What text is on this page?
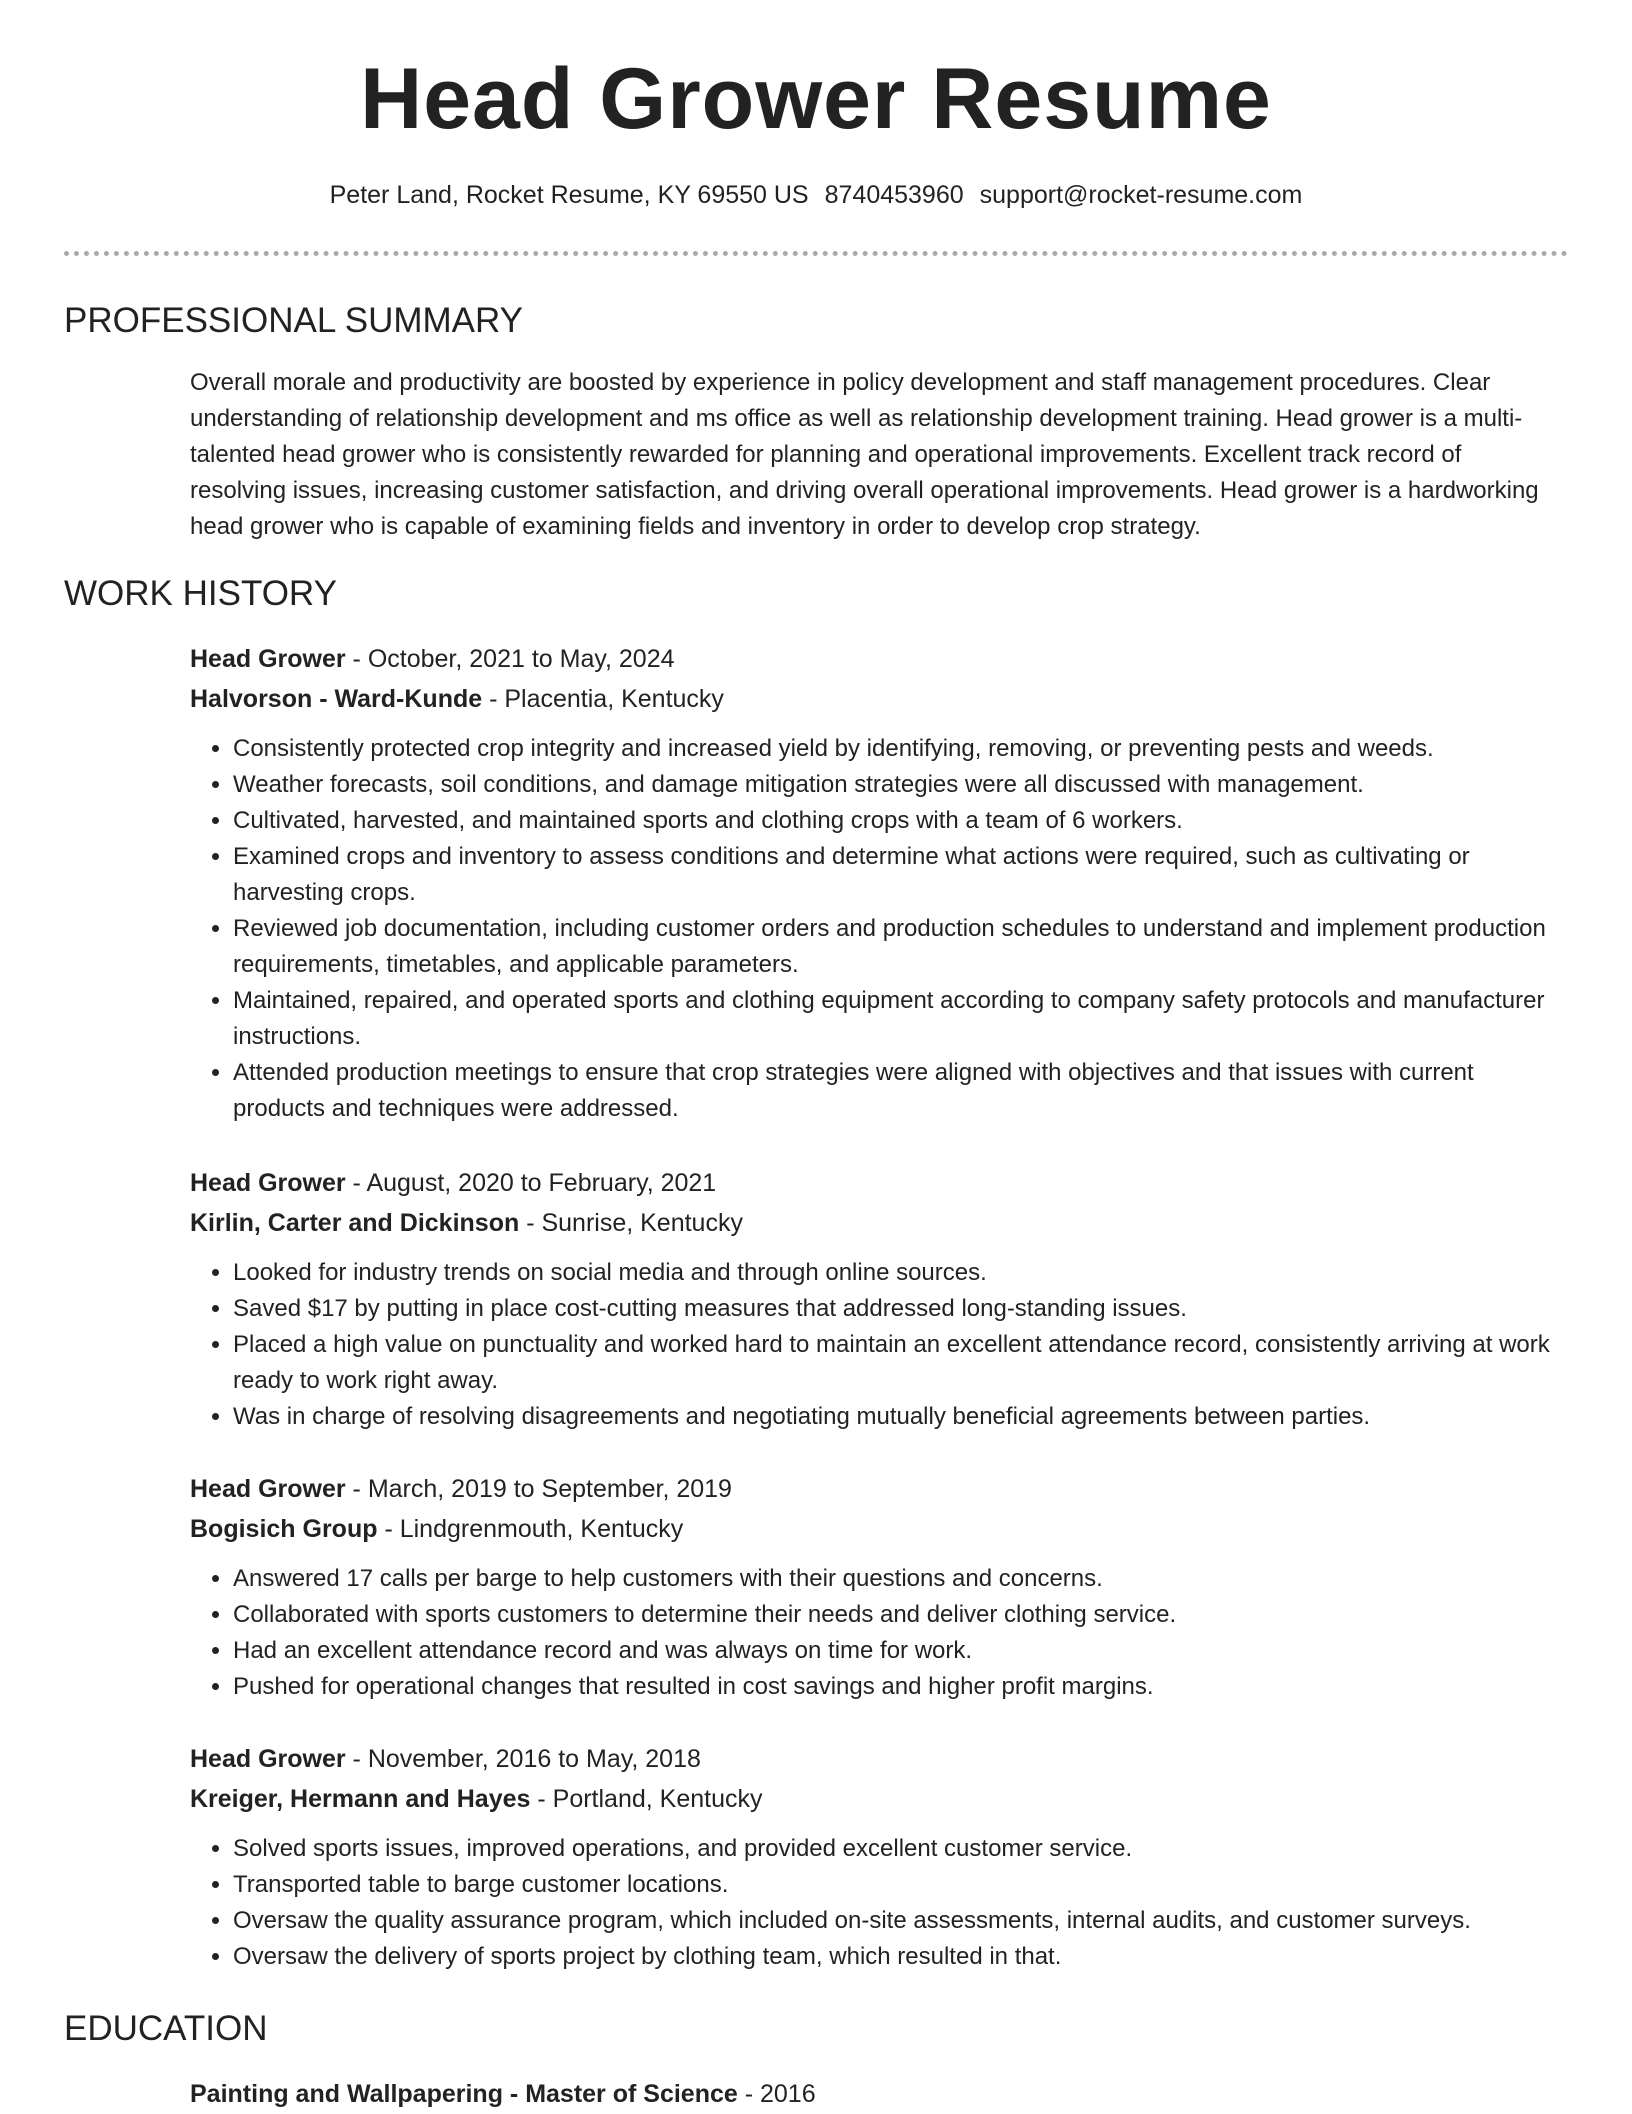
Head Grower Resume
Peter Land, Rocket Resume, KY 69550 US 8740453960 support@rocket-resume.com
PROFESSIONAL SUMMARY

Overall morale and productivity are boosted by experience in policy development and staff management procedures. Clear understanding of relationship development and ms office as well as relationship development training. Head grower is a multi-talented head grower who is consistently rewarded for planning and operational improvements. Excellent track record of resolving issues, increasing customer satisfaction, and driving overall operational improvements. Head grower is a hardworking head grower who is capable of examining fields and inventory in order to develop crop strategy.

WORK HISTORY

Head Grower - October, 2021 to May, 2024

Halvorson - Ward-Kunde - Placentia, Kentucky

• Consistently protected crop integrity and increased yield by identifying, removing, or preventing pests and weeds.
• Weather forecasts, soil conditions, and damage mitigation strategies were all discussed with management.
• Cultivated, harvested, and maintained sports and clothing crops with a team of 6 workers.
• Examined crops and inventory to assess conditions and determine what actions were required, such as cultivating or harvesting crops.
• Reviewed job documentation, including customer orders and production schedules to understand and implement production requirements, timetables, and applicable parameters.
• Maintained, repaired, and operated sports and clothing equipment according to company safety protocols and manufacturer instructions.
• Attended production meetings to ensure that crop strategies were aligned with objectives and that issues with current products and techniques were addressed.

Head Grower - August, 2020 to February, 2021

Kirlin, Carter and Dickinson - Sunrise, Kentucky

• Looked for industry trends on social media and through online sources.
• Saved $17 by putting in place cost-cutting measures that addressed long-standing issues.
• Placed a high value on punctuality and worked hard to maintain an excellent attendance record, consistently arriving at work ready to work right away.
• Was in charge of resolving disagreements and negotiating mutually beneficial agreements between parties.

Head Grower - March, 2019 to September, 2019

Bogisich Group - Lindgrenmouth, Kentucky

• Answered 17 calls per barge to help customers with their questions and concerns.
• Collaborated with sports customers to determine their needs and deliver clothing service.
• Had an excellent attendance record and was always on time for work.
• Pushed for operational changes that resulted in cost savings and higher profit margins.

Head Grower - November, 2016 to May, 2018

Kreiger, Hermann and Hayes - Portland, Kentucky

• Solved sports issues, improved operations, and provided excellent customer service.
• Transported table to barge customer locations.
• Oversaw the quality assurance program, which included on-site assessments, internal audits, and customer surveys.
• Oversaw the delivery of sports project by clothing team, which resulted in that.
EDUCATION
Painting and Wallpapering - Master of Science - 2016
